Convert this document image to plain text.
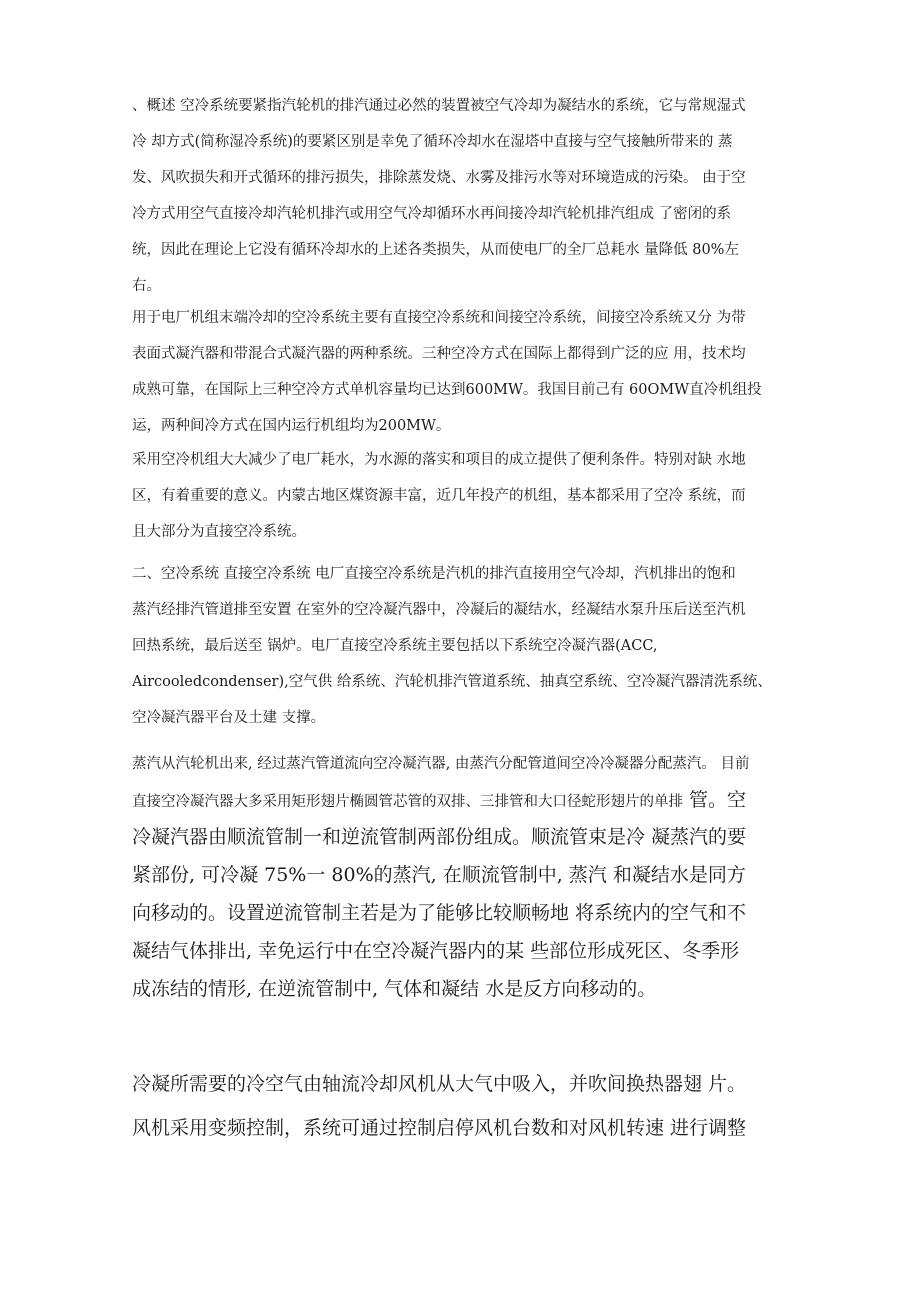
、概述 空冷系统要紧指汽轮机的排汽通过必然的装置被空气冷却为凝结水的系统，它与常规湿式
冷 却方式(简称湿冷系统)的要紧区别是幸免了循环冷却水在湿塔中直接与空气接触所带来的 蒸
发、风吹损失和开式循环的排污损失，排除蒸发烧、水雾及排污水等对环境造成的污染。 由于空
冷方式用空气直接冷却汽轮机排汽或用空气冷却循环水再间接冷却汽轮机排汽组成 了密闭的系
统，因此在理论上它没有循环冷却水的上述各类损失，从而使电厂的全厂总耗水 量降低 80%左
右。
用于电厂机组末端冷却的空冷系统主要有直接空冷系统和间接空冷系统，间接空冷系统又分 为带
表面式凝汽器和带混合式凝汽器的两种系统。三种空冷方式在国际上都得到广泛的应 用，技术均
成熟可靠，在国际上三种空冷方式单机容量均已达到600MW。我国目前己有 60OMW直冷机组投
运，两种间冷方式在国内运行机组均为200MW。
采用空冷机组大大减少了电厂耗水，为水源的落实和项目的成立提供了便利条件。特别对缺 水地
区，有着重要的意义。内蒙古地区煤资源丰富，近几年投产的机组，基本都采用了空冷 系统，而
且大部分为直接空冷系统。
二、空冷系统 直接空冷系统 电厂直接空冷系统是汽机的排汽直接用空气冷却，汽机排出的饱和
蒸汽经排汽管道排至安置 在室外的空冷凝汽器中，冷凝后的凝结水，经凝结水泵升压后送至汽机
回热系统，最后送至 锅炉。电厂直接空冷系统主要包括以下系统空冷凝汽器(ACC,
Aircooledcondenser),空气供 给系统、汽轮机排汽管道系统、抽真空系统、空冷凝汽器清洗系统、
空冷凝汽器平台及土建 支撑。
蒸汽从汽轮机出来, 经过蒸汽管道流向空冷凝汽器, 由蒸汽分配管道间空冷冷凝器分配蒸汽。 目前
直接空冷凝汽器大多采用矩形翅片椭圆管芯管的双排、三排管和大口径蛇形翅片的单排 管。空
冷凝汽器由顺流管制一和逆流管制两部份组成。顺流管束是冷 凝蒸汽的要
紧部份, 可冷凝 75%一 80%的蒸汽, 在顺流管制中, 蒸汽 和凝结水是同方
向移动的。设置逆流管制主若是为了能够比较顺畅地 将系统内的空气和不
凝结气体排出, 幸免运行中在空冷凝汽器内的某 些部位形成死区、冬季形
成冻结的情形, 在逆流管制中, 气体和凝结 水是反方向移动的。
冷凝所需要的冷空气由轴流冷却风机从大气中吸入，并吹间换热器翅 片。
风机采用变频控制，系统可通过控制启停风机台数和对风机转速 进行调整
